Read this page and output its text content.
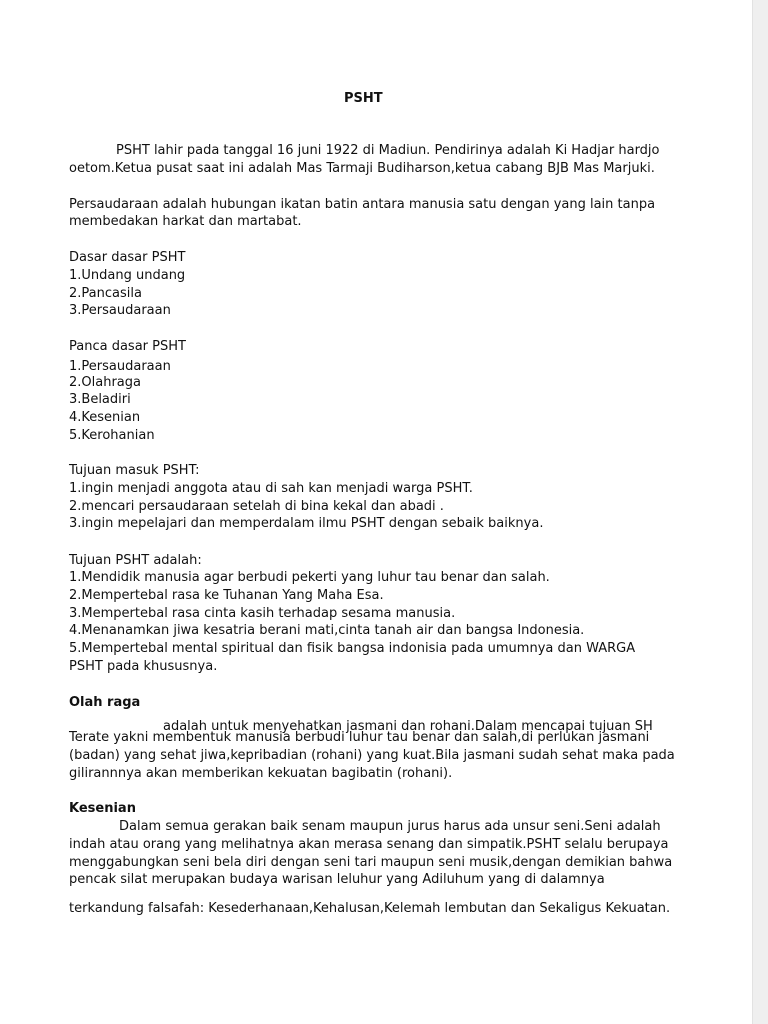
PSHT
PSHT lahir pada tanggal 16 juni 1922 di Madiun. Pendirinya adalah Ki Hadjar hardjo
oetom.Ketua pusat saat ini adalah Mas Tarmaji Budiharson,ketua cabang BJB Mas Marjuki.
Persaudaraan adalah hubungan ikatan batin antara manusia satu dengan yang lain tanpa
membedakan harkat dan martabat.
Dasar dasar PSHT
1.Undang undang
2.Pancasila
3.Persaudaraan
Panca dasar PSHT
1.Persaudaraan
2.Olahraga
3.Beladiri
4.Kesenian
5.Kerohanian
Tujuan masuk PSHT:
1.ingin menjadi anggota atau di sah kan menjadi warga PSHT.
2.mencari persaudaraan setelah di bina kekal dan abadi .
3.ingin mepelajari dan memperdalam ilmu PSHT dengan sebaik baiknya.
Tujuan PSHT adalah:
1.Mendidik manusia agar berbudi pekerti yang luhur tau benar dan salah.
2.Mempertebal rasa ke Tuhanan Yang Maha Esa.
3.Mempertebal rasa cinta kasih terhadap sesama manusia.
4.Menanamkan jiwa kesatria berani mati,cinta tanah air dan bangsa Indonesia.
5.Mempertebal mental spiritual dan fisik bangsa indonisia pada umumnya dan WARGA
PSHT pada khususnya.
Olah raga
adalah untuk menyehatkan jasmani dan rohani.Dalam mencapai tujuan SH
Terate yakni membentuk manusia berbudi luhur tau benar dan salah,di perlukan jasmani
(badan) yang sehat jiwa,kepribadian (rohani) yang kuat.Bila jasmani sudah sehat maka pada
gilirannnya akan memberikan kekuatan bagibatin (rohani).
Kesenian
Dalam semua gerakan baik senam maupun jurus harus ada unsur seni.Seni adalah
indah atau orang yang melihatnya akan merasa senang dan simpatik.PSHT selalu berupaya
menggabungkan seni bela diri dengan seni tari maupun seni musik,dengan demikian bahwa
pencak silat merupakan budaya warisan leluhur yang Adiluhum yang di dalamnya
terkandung falsafah: Kesederhanaan,Kehalusan,Kelemah lembutan dan Sekaligus Kekuatan.
